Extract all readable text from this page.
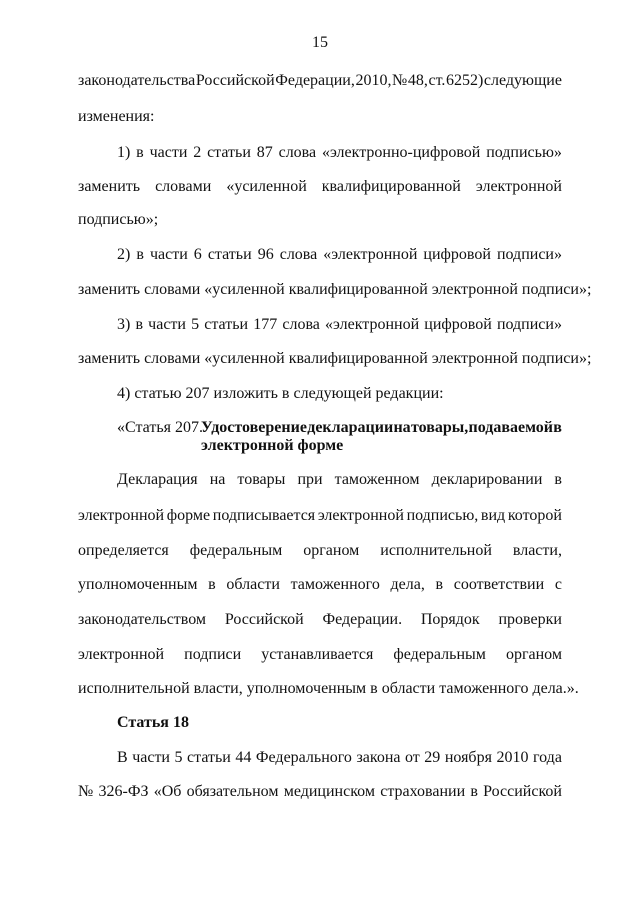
15
законодательства Российской Федерации, 2010, № 48, ст. 6252) следующие
изменения:
1) в части 2 статьи 87 слова «электронно-цифровой подписью»
заменить словами «усиленной квалифицированной электронной
подписью»;
2) в части 6 статьи 96 слова «электронной цифровой подписи»
заменить словами «усиленной квалифицированной электронной подписи»;
3) в части 5 статьи 177 слова «электронной цифровой подписи»
заменить словами «усиленной квалифицированной электронной подписи»;
4) статью 207 изложить в следующей редакции:
«Статья 207.
Удостоверение декларации на товары, подаваемой в
электронной форме
Декларация на товары при таможенном декларировании в
электронной форме подписывается электронной подписью, вид которой
определяется федеральным органом исполнительной власти,
уполномоченным в области таможенного дела, в соответствии с
законодательством Российской Федерации. Порядок проверки
электронной подписи устанавливается федеральным органом
исполнительной власти, уполномоченным в области таможенного дела.».
Статья 18
В части 5 статьи 44 Федерального закона от 29 ноября 2010 года
№ 326-ФЗ «Об обязательном медицинском страховании в Российской
